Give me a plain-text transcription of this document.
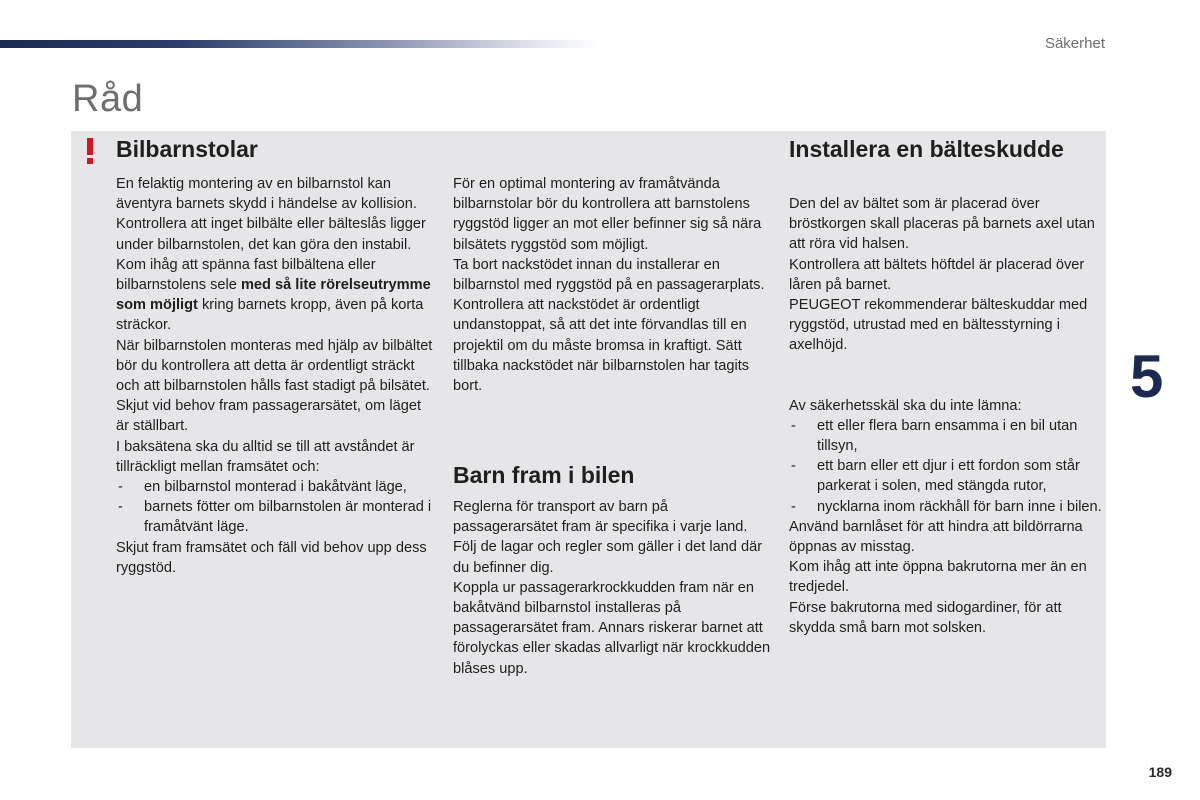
Säkerhet
Råd
Bilbarnstolar	Installera en bälteskudde
Barn fram i bilen

En felaktig montering av en bilbarnstol kan äventyra barnets skydd i händelse av kollision.

Kontrollera att inget bilbälte eller bälteslås ligger under bilbarnstolen, det kan göra den instabil.

Kom ihåg att spänna fast bilbältena eller bilbarnstolens sele med så lite rörelseutrymme som möjligt kring barnets kropp, även på korta sträckor.

När bilbarnstolen monteras med hjälp av bilbältet bör du kontrollera att detta är ordentligt sträckt och att bilbarnstolen hålls fast stadigt på bilsätet. Skjut vid behov fram passagerarsätet, om läget är ställbart.

I baksätena ska du alltid se till att avståndet är tillräckligt mellan framsätet och:

- en bilbarnstol monterad i bakåtvänt läge,
- barnets fötter om bilbarnstolen är monterad i framåtvänt läge.

Skjut fram framsätet och fäll vid behov upp dess ryggstöd.

För en optimal montering av framåtvända bilbarnstolar bör du kontrollera att barnstolens ryggstöd ligger an mot eller befinner sig så nära bilsätets ryggstöd som möjligt.

Ta bort nackstödet innan du installerar en bilbarnstol med ryggstöd på en passagerarplats.

Kontrollera att nackstödet är ordentligt undanstoppat, så att det inte förvandlas till en projektil om du måste bromsa in kraftigt. Sätt tillbaka nackstödet när bilbarnstolen har tagits bort.

Reglerna för transport av barn på passagerarsätet fram är specifika i varje land. Följ de lagar och regler som gäller i det land där du befinner dig.

Koppla ur passagerarkrockkudden fram när en bakåtvänd bilbarnstol installeras på passagerarsätet fram. Annars riskerar barnet att förolyckas eller skadas allvarligt när krockkudden blåses upp.

Den del av bältet som är placerad över bröstkorgen skall placeras på barnets axel utan att röra vid halsen.

Kontrollera att bältets höftdel är placerad över låren på barnet.

PEUGEOT rekommenderar bälteskuddar med ryggstöd, utrustad med en bältesstyrning i axelhöjd.

Av säkerhetsskäl ska du inte lämna:

- ett eller flera barn ensamma i en bil utan tillsyn,
- ett barn eller ett djur i ett fordon som står parkerat i solen, med stängda rutor,
- nycklarna inom räckhåll för barn inne i bilen.

Använd barnlåset för att hindra att bildörrarna öppnas av misstag.

Kom ihåg att inte öppna bakrutorna mer än en tredjedel.

Förse bakrutorna med sidogardiner, för att skydda små barn mot solsken.

5
189
